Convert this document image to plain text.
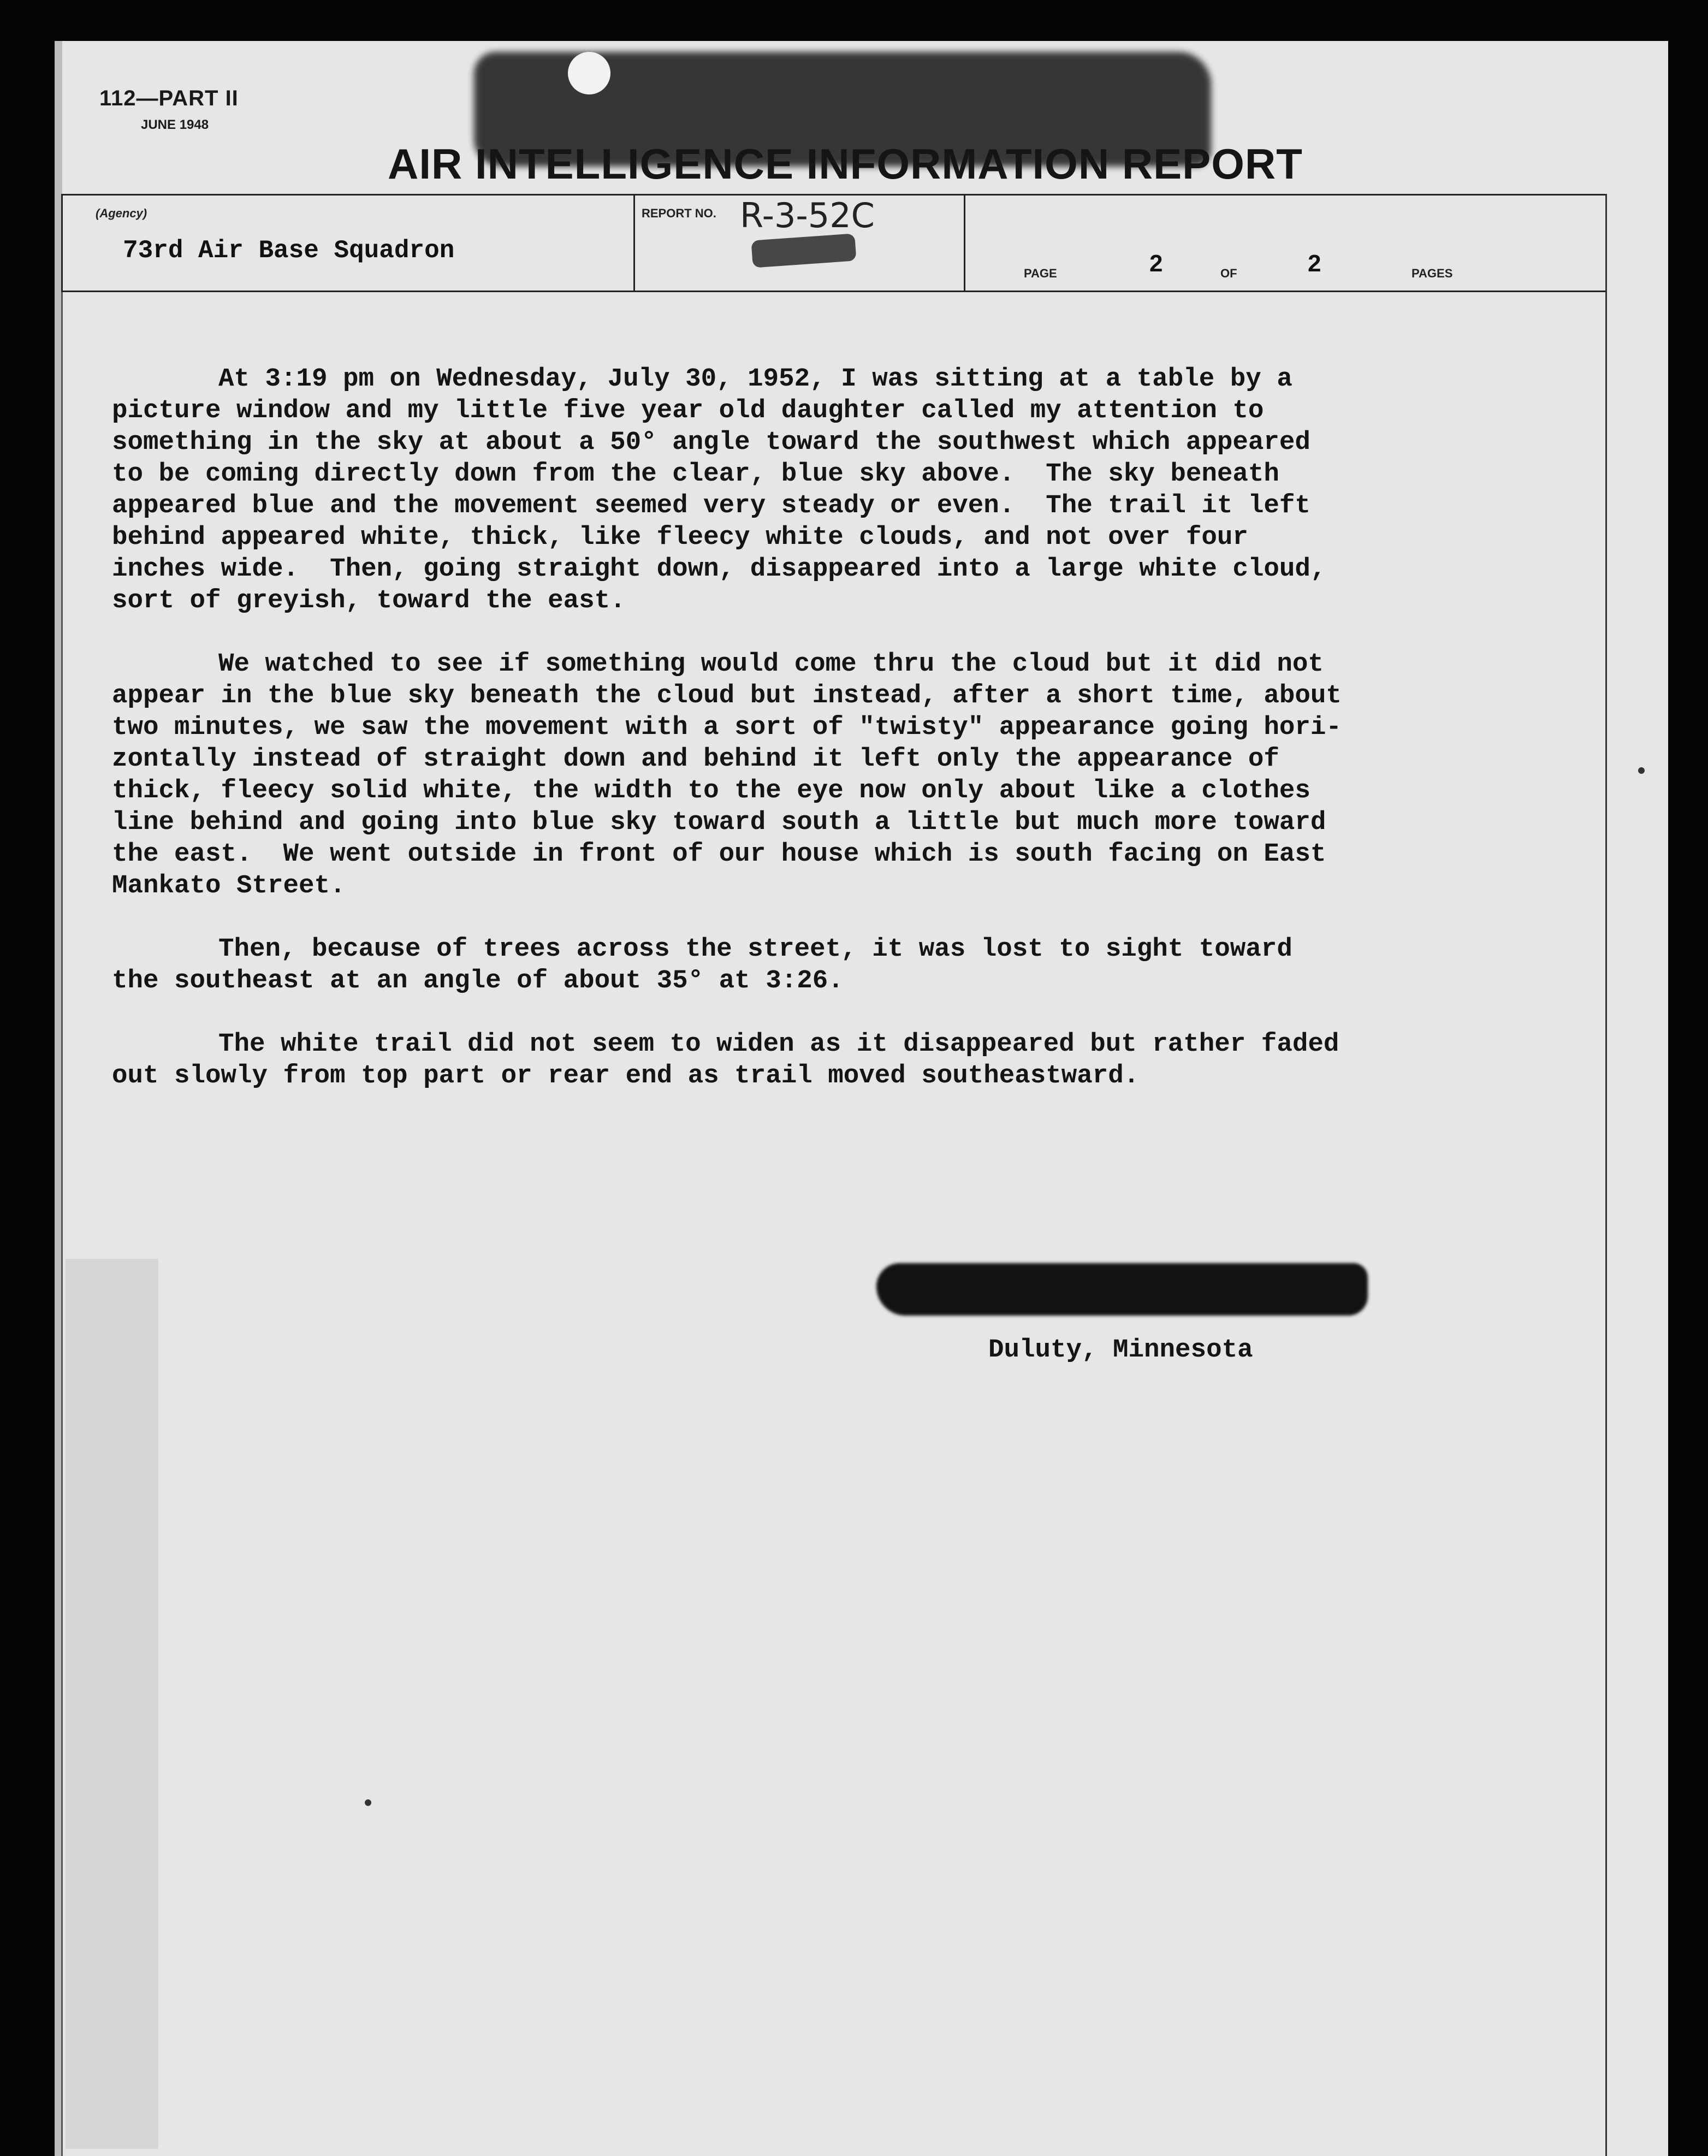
112—PART II
JUNE 1948
AIR INTELLIGENCE INFORMATION REPORT
(Agency)
73rd Air Base Squadron
REPORT NO. R-3-52C
PAGE	2	OF	2	PAGES

At 3:19 pm on Wednesday, July 30, 1952, I was sitting at a table by a
picture window and my little five year old daughter called my attention to
something in the sky at about a 50° angle toward the southwest which appeared
to be coming directly down from the clear, blue sky above.  The sky beneath
appeared blue and the movement seemed very steady or even.  The trail it left
behind appeared white, thick, like fleecy white clouds, and not over four
inches wide.  Then, going straight down, disappeared into a large white cloud,
sort of greyish, toward the east.

We watched to see if something would come thru the cloud but it did not
appear in the blue sky beneath the cloud but instead, after a short time, about
two minutes, we saw the movement with a sort of "twisty" appearance going hori-
zontally instead of straight down and behind it left only the appearance of
thick, fleecy solid white, the width to the eye now only about like a clothes
line behind and going into blue sky toward south a little but much more toward
the east.  We went outside in front of our house which is south facing on East
Mankato Street.

Then, because of trees across the street, it was lost to sight toward
the southeast at an angle of about 35° at 3:26.

The white trail did not seem to widen as it disappeared but rather faded
out slowly from top part or rear end as trail moved southeastward.

Duluty, Minnesota
